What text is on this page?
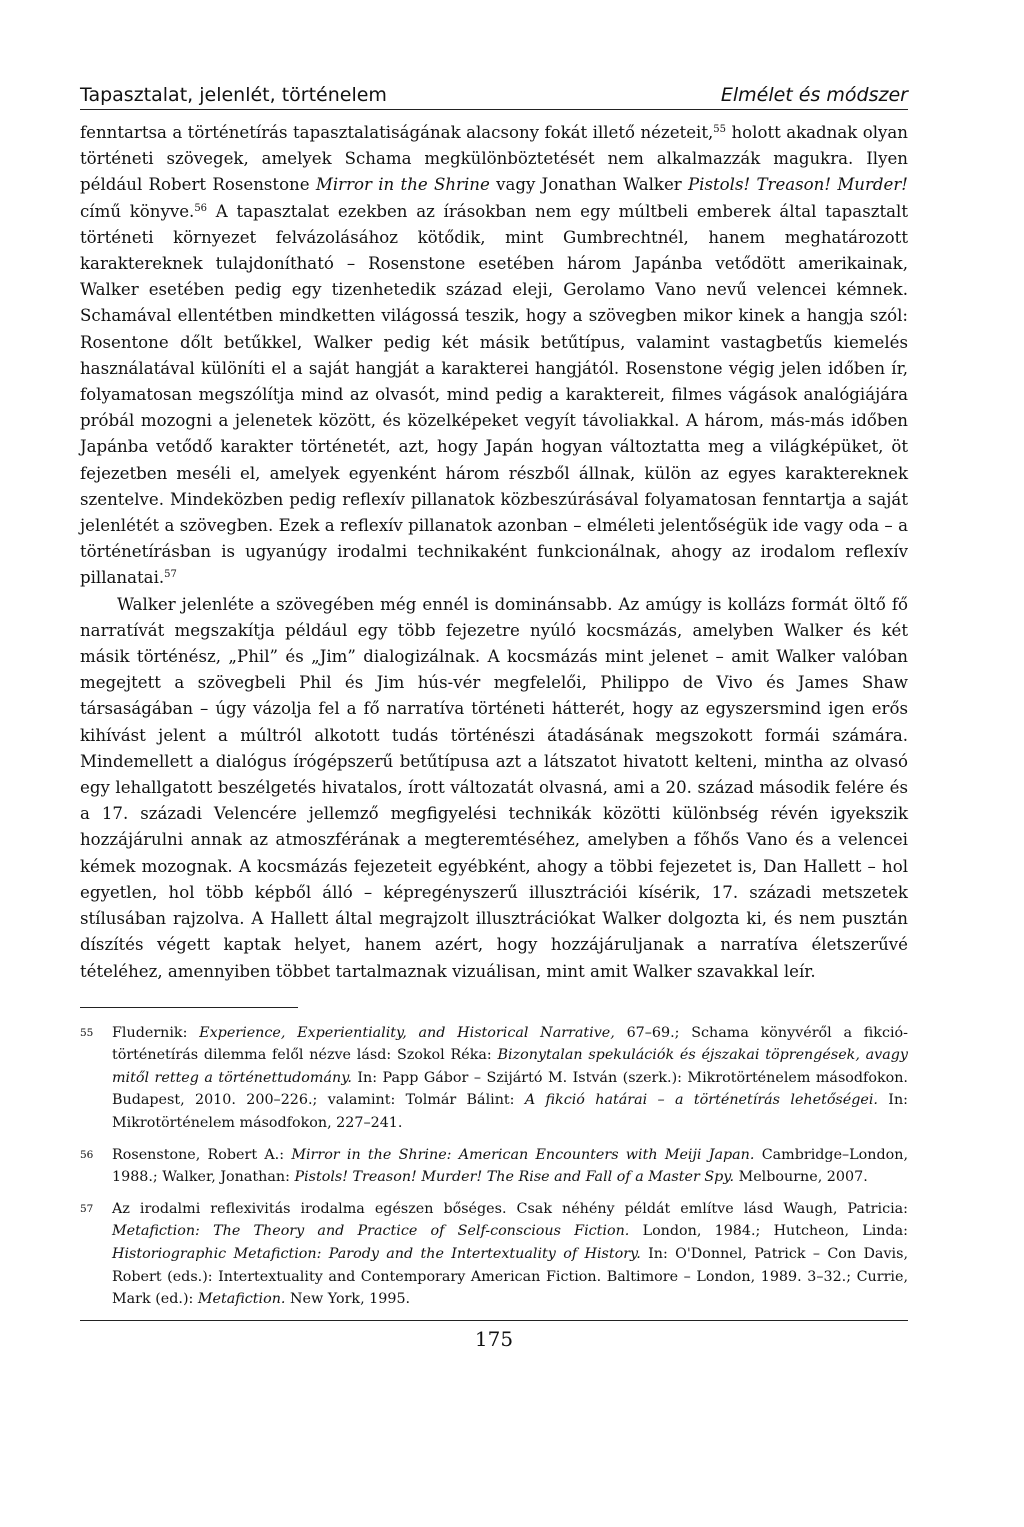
Tapasztalat, jelenlét, történelem	Elmélet és módszer

fenntartsa a történetírás tapasztalatiságának alacsony fokát illető nézeteit,$^{55}$ holott akadnak olyan történeti szövegek, amelyek Schama megkülönböztetését nem alkalmazzák magukra. Ilyen például Robert Rosenstone Mirror in the Shrine vagy Jonathan Walker Pistols! Treason! Murder! című könyve.$^{56}$ A tapasztalat ezekben az írásokban nem egy múltbeli emberek által tapasztalt történeti környezet felvázolásához kötődik, mint Gumbrechtnél, hanem meghatározott karaktereknek tulajdonítható – Rosenstone esetében három Japánba vetődött amerikainak, Walker esetében pedig egy tizenhetedik század eleji, Gerolamo Vano nevű velencei kémnek. Schamával ellentétben mindketten világossá teszik, hogy a szövegben mikor kinek a hangja szól: Rosentone dőlt betűkkel, Walker pedig két másik betűtípus, valamint vastagbetűs kiemelés használatával különíti el a saját hangját a karakterei hangjától. Rosenstone végig jelen időben ír, folyamatosan megszólítja mind az olvasót, mind pedig a karaktereit, filmes vágások analógiájára próbál mozogni a jelenetek között, és közelképeket vegyít távoliakkal. A három, más-más időben Japánba vetődő karakter történetét, azt, hogy Japán hogyan változtatta meg a világképüket, öt fejezetben meséli el, amelyek egyenként három részből állnak, külön az egyes karaktereknek szentelve. Mindeközben pedig reflexív pillanatok közbeszúrásával folyamatosan fenntartja a saját jelenlétét a szövegben. Ezek a reflexív pillanatok azonban – elméleti jelentőségük ide vagy oda – a történetírásban is ugyanúgy irodalmi technikaként funkcionálnak, ahogy az irodalom reflexív pillanatai.$^{57}$

Walker jelenléte a szövegében még ennél is dominánsabb. Az amúgy is kollázs formát öltő fő narratívát megszakítja például egy több fejezetre nyúló kocsmázás, amelyben Walker és két másik történész, „Phil” és „Jim” dialogizálnak. A kocsmázás mint jelenet – amit Walker valóban megejtett a szövegbeli Phil és Jim hús-vér megfelelői, Philippo de Vivo és James Shaw társaságában – úgy vázolja fel a fő narratíva történeti hátterét, hogy az egyszersmind igen erős kihívást jelent a múltról alkotott tudás történészi átadásának megszokott formái számára. Mindemellett a dialógus írógépszerű betűtípusa azt a látszatot hivatott kelteni, mintha az olvasó egy lehallgatott beszélgetés hivatalos, írott változatát olvasná, ami a 20. század második felére és a 17. századi Velencére jellemző megfigyelési technikák közötti különbség révén igyekszik hozzájárulni annak az atmoszférának a megteremtéséhez, amelyben a főhős Vano és a velencei kémek mozognak. A kocsmázás fejezeteit egyébként, ahogy a többi fejezetet is, Dan Hallett – hol egyetlen, hol több képből álló – képregényszerű illusztrációi kísérik, 17. századi metszetek stílusában rajzolva. A Hallett által megrajzolt illusztrációkat Walker dolgozta ki, és nem pusztán díszítés végett kaptak helyet, hanem azért, hogy hozzájáruljanak a narratíva életszerűvé tételéhez, amennyiben többet tartalmaznak vizuálisan, mint amit Walker szavakkal leír.

55 Fludernik: Experience, Experientiality, and Historical Narrative, 67–69.; Schama könyvéről a fikció-történetírás dilemma felől nézve lásd: Szokol Réka: Bizonytalan spekulációk és éjszakai töprengések, avagy mitől retteg a történettudomány. In: Papp Gábor – Szijártó M. István (szerk.): Mikrotörténelem másodfokon. Budapest, 2010. 200–226.; valamint: Tolmár Bálint: A fikció határai – a történetírás lehetőségei. In: Mikrotörténelem másodfokon, 227–241.
56 Rosenstone, Robert A.: Mirror in the Shrine: American Encounters with Meiji Japan. Cambridge–London, 1988.; Walker, Jonathan: Pistols! Treason! Murder! The Rise and Fall of a Master Spy. Melbourne, 2007.
57 Az irodalmi reflexivitás irodalma egészen bőséges. Csak néhény példát említve lásd Waugh, Patricia: Metafiction: The Theory and Practice of Self-conscious Fiction. London, 1984.; Hutcheon, Linda: Historiographic Metafiction: Parody and the Intertextuality of History. In: O'Donnel, Patrick – Con Davis, Robert (eds.): Intertextuality and Contemporary American Fiction. Baltimore – London, 1989. 3–32.; Currie, Mark (ed.): Metafiction. New York, 1995.
175
